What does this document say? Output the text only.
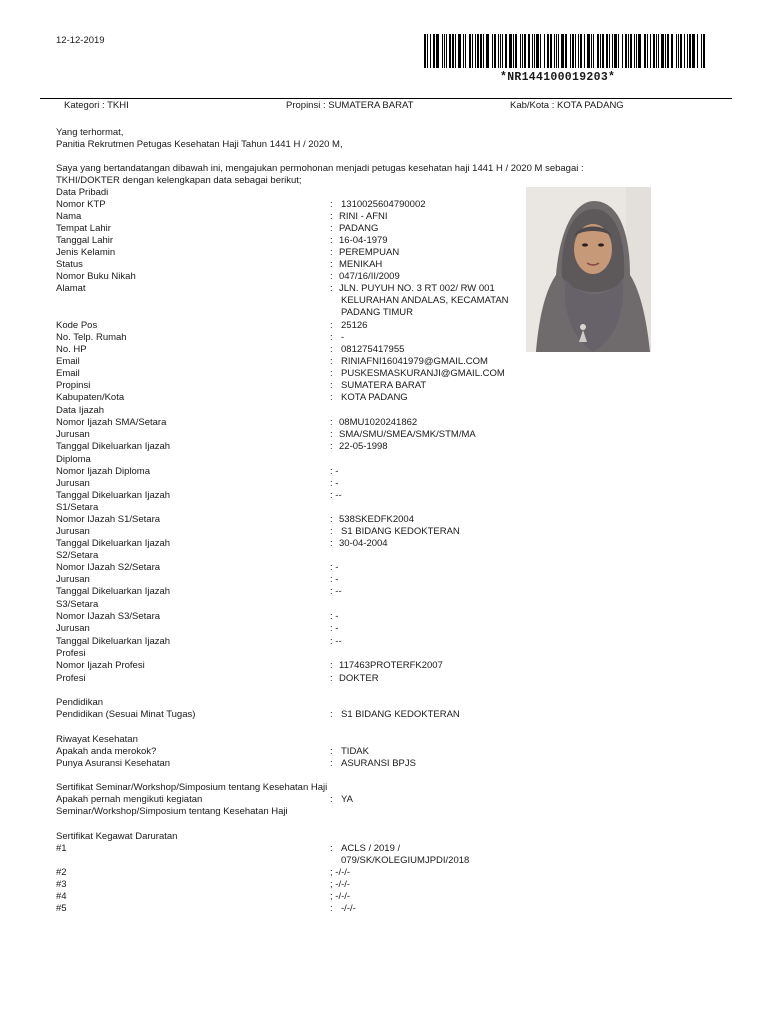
12-12-2019
*NR144100019203*
Kategori : TKHI	Propinsi : SUMATERA BARAT	Kab/Kota : KOTA PADANG
Yang terhormat,
Panitia Rekrutmen Petugas Kesehatan Haji Tahun 1441 H / 2020 M,
Saya yang bertandatangan dibawah ini, mengajukan permohonan menjadi petugas kesehatan haji 1441 H / 2020 M sebagai :
TKHI/DOKTER dengan kelengkapan data sebagai berikut;
Data Pribadi
Nomor KTP	: 1310025604790002
Nama	: RINI - AFNI
Tempat Lahir	: PADANG
Tanggal Lahir	: 16-04-1979
Jenis Kelamin	: PEREMPUAN
Status	: MENIKAH
Nomor Buku Nikah	: 047/16/II/2009
Alamat	: JLN. PUYUH NO. 3 RT 002/ RW 001
KELURAHAN ANDALAS, KECAMATAN
PADANG TIMUR
Kode Pos	: 25126
No. Telp. Rumah	: -
No. HP	: 081275417955
Email	: RINIAFNI16041979@GMAIL.COM
Email	: PUSKESMASKURANJI@GMAIL.COM
Propinsi	: SUMATERA BARAT
Kabupaten/Kota	: KOTA PADANG
Data Ijazah
Nomor Ijazah SMA/Setara	: 08MU1020241862
Jurusan	: SMA/SMU/SMEA/SMK/STM/MA
Tanggal Dikeluarkan Ijazah	: 22-05-1998
Diploma
Nomor Ijazah Diploma	: -
Jurusan	: -
Tanggal Dikeluarkan Ijazah	: --
S1/Setara
Nomor IJazah S1/Setara	: 538SKEDFK2004
Jurusan	: S1 BIDANG KEDOKTERAN
Tanggal Dikeluarkan Ijazah	: 30-04-2004
S2/Setara
Nomor IJazah S2/Setara	: -
Jurusan	: -
Tanggal Dikeluarkan Ijazah	: --
S3/Setara
Nomor IJazah S3/Setara	: -
Jurusan	: -
Tanggal Dikeluarkan Ijazah	: --
Profesi
Nomor Ijazah Profesi	: 117463PROTERFK2007
Profesi	: DOKTER
Pendidikan
Pendidikan (Sesuai Minat Tugas)	: S1 BIDANG KEDOKTERAN
Riwayat Kesehatan
Apakah anda merokok?	: TIDAK
Punya Asuransi Kesehatan	: ASURANSI BPJS
Sertifikat Seminar/Workshop/Simposium tentang Kesehatan Haji
Apakah pernah mengikuti kegiatan	: YA
Seminar/Workshop/Simposium tentang Kesehatan Haji
Sertifikat Kegawat Daruratan
#1	: ACLS / 2019 /
079/SK/KOLEGIUMJPDI/2018
#2	; -/-/-
#3	; -/-/-
#4	; -/-/-
#5	: -/-/-
